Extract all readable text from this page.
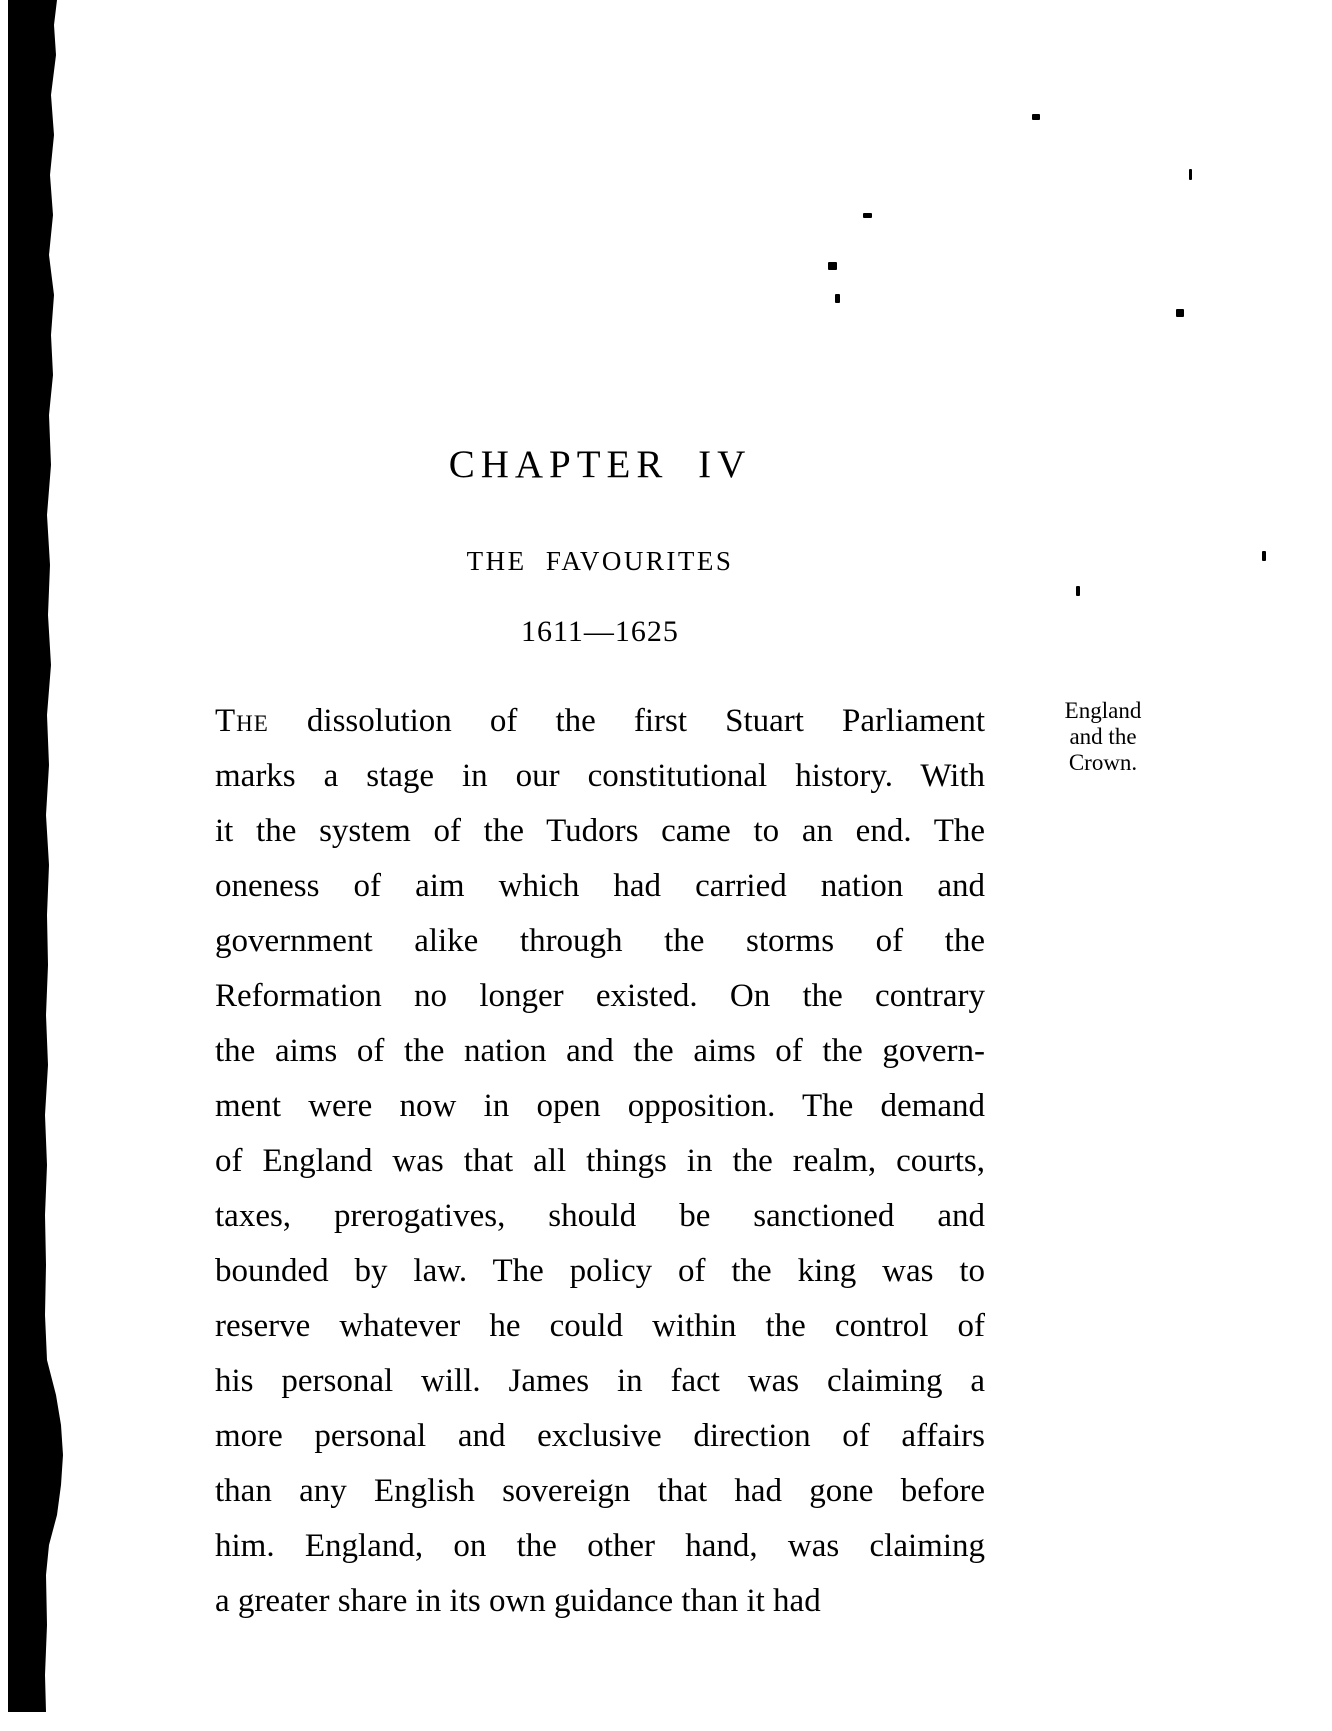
CHAPTER IV
THE FAVOURITES
1611—1625
England
and the
Crown.
The dissolution of the first Stuart Parliament
marks a stage in our constitutional history. With
it the system of the Tudors came to an end. The
oneness of aim which had carried nation and
government alike through the storms of the
Reformation no longer existed. On the contrary
the aims of the nation and the aims of the govern-
ment were now in open opposition. The demand
of England was that all things in the realm, courts,
taxes, prerogatives, should be sanctioned and
bounded by law. The policy of the king was to
reserve whatever he could within the control of
his personal will. James in fact was claiming a
more personal and exclusive direction of affairs
than any English sovereign that had gone before
him. England, on the other hand, was claiming
a greater share in its own guidance than it had
